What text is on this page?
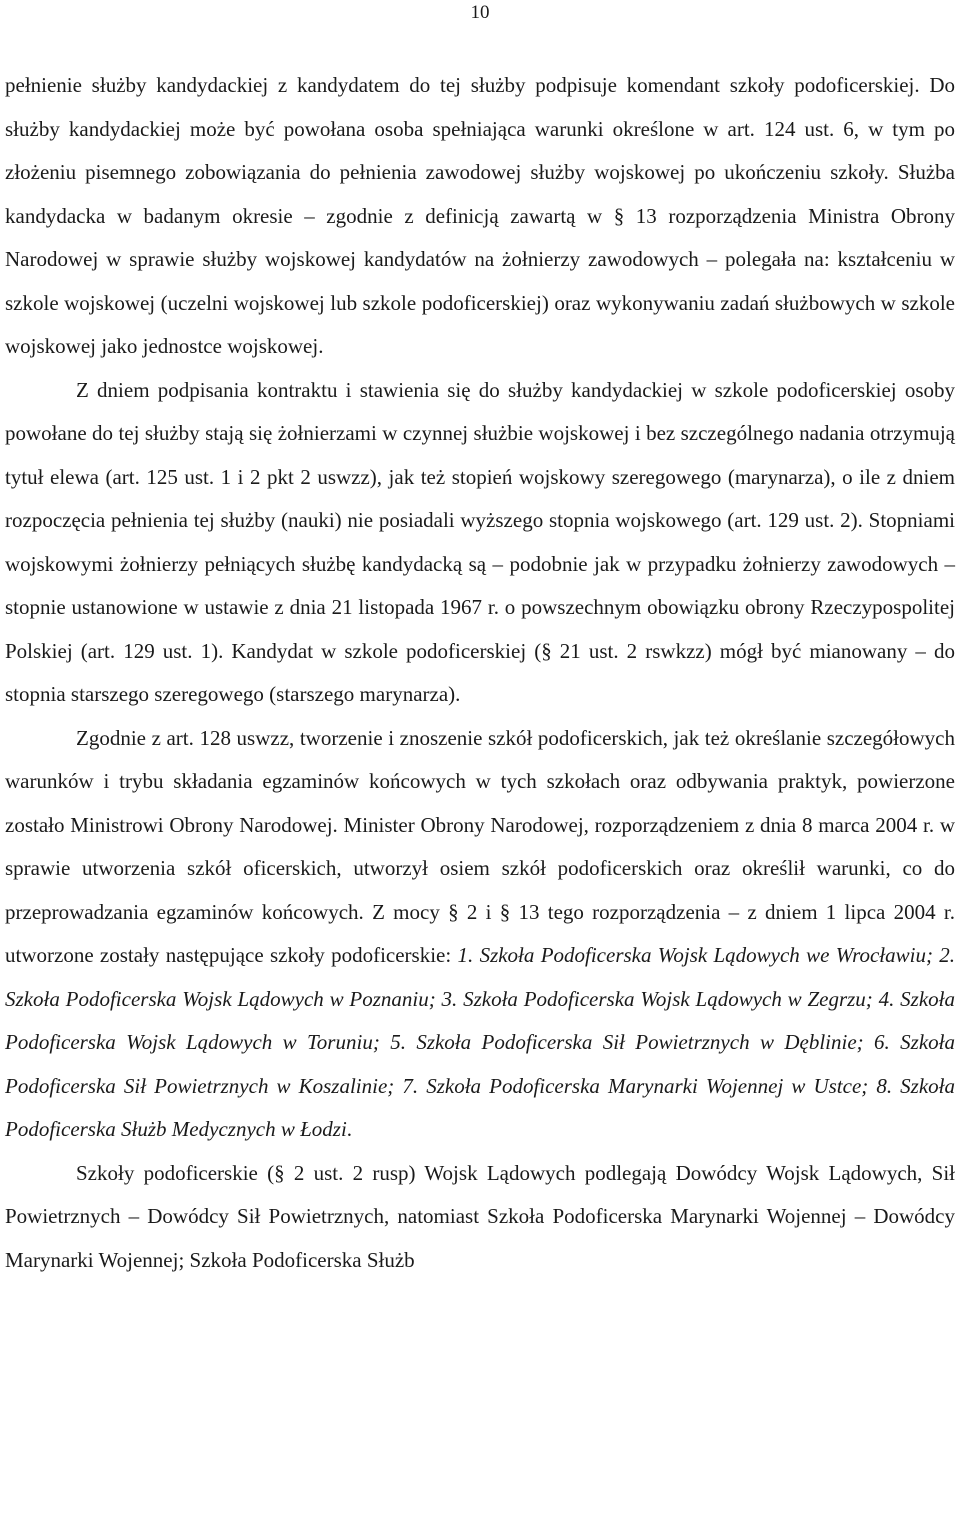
10

pełnienie służby kandydackiej z kandydatem do tej służby podpisuje komendant szkoły podoficerskiej. Do służby kandydackiej może być powołana osoba spełniająca warunki określone w art. 124 ust. 6, w tym po złożeniu pisemnego zobowiązania do pełnienia zawodowej służby wojskowej po ukończeniu szkoły. Służba kandydacka w badanym okresie – zgodnie z definicją zawartą w § 13 rozporządzenia Ministra Obrony Narodowej w sprawie służby wojskowej kandydatów na żołnierzy zawodowych – polegała na: kształceniu w szkole wojskowej (uczelni wojskowej lub szkole podoficerskiej) oraz wykonywaniu zadań służbowych w szkole wojskowej jako jednostce wojskowej.

Z dniem podpisania kontraktu i stawienia się do służby kandydackiej w szkole podoficerskiej osoby powołane do tej służby stają się żołnierzami w czynnej służbie wojskowej i bez szczególnego nadania otrzymują tytuł elewa (art. 125 ust. 1 i 2 pkt 2 uswzz), jak też stopień wojskowy szeregowego (marynarza), o ile z dniem rozpoczęcia pełnienia tej służby (nauki) nie posiadali wyższego stopnia wojskowego (art. 129 ust. 2). Stopniami wojskowymi żołnierzy pełniących służbę kandydacką są – podobnie jak w przypadku żołnierzy zawodowych – stopnie ustanowione w ustawie z dnia 21 listopada 1967 r. o powszechnym obowiązku obrony Rzeczypospolitej Polskiej (art. 129 ust. 1). Kandydat w szkole podoficerskiej (§ 21 ust. 2 rswkzz) mógł być mianowany – do stopnia starszego szeregowego (starszego marynarza).

Zgodnie z art. 128 uswzz, tworzenie i znoszenie szkół podoficerskich, jak też określanie szczegółowych warunków i trybu składania egzaminów końcowych w tych szkołach oraz odbywania praktyk, powierzone zostało Ministrowi Obrony Narodowej. Minister Obrony Narodowej, rozporządzeniem z dnia 8 marca 2004 r. w sprawie utworzenia szkół oficerskich, utworzył osiem szkół podoficerskich oraz określił warunki, co do przeprowadzania egzaminów końcowych. Z mocy § 2 i § 13 tego rozporządzenia – z dniem 1 lipca 2004 r. utworzone zostały następujące szkoły podoficerskie: 1. Szkoła Podoficerska Wojsk Lądowych we Wrocławiu; 2. Szkoła Podoficerska Wojsk Lądowych w Poznaniu; 3. Szkoła Podoficerska Wojsk Lądowych w Zegrzu; 4. Szkoła Podoficerska Wojsk Lądowych w Toruniu; 5. Szkoła Podoficerska Sił Powietrznych w Dęblinie; 6. Szkoła Podoficerska Sił Powietrznych w Koszalinie; 7. Szkoła Podoficerska Marynarki Wojennej w Ustce; 8. Szkoła Podoficerska Służb Medycznych w Łodzi.

Szkoły podoficerskie (§ 2 ust. 2 rusp) Wojsk Lądowych podlegają Dowódcy Wojsk Lądowych, Sił Powietrznych – Dowódcy Sił Powietrznych, natomiast Szkoła Podoficerska Marynarki Wojennej – Dowódcy Marynarki Wojennej; Szkoła Podoficerska Służb
